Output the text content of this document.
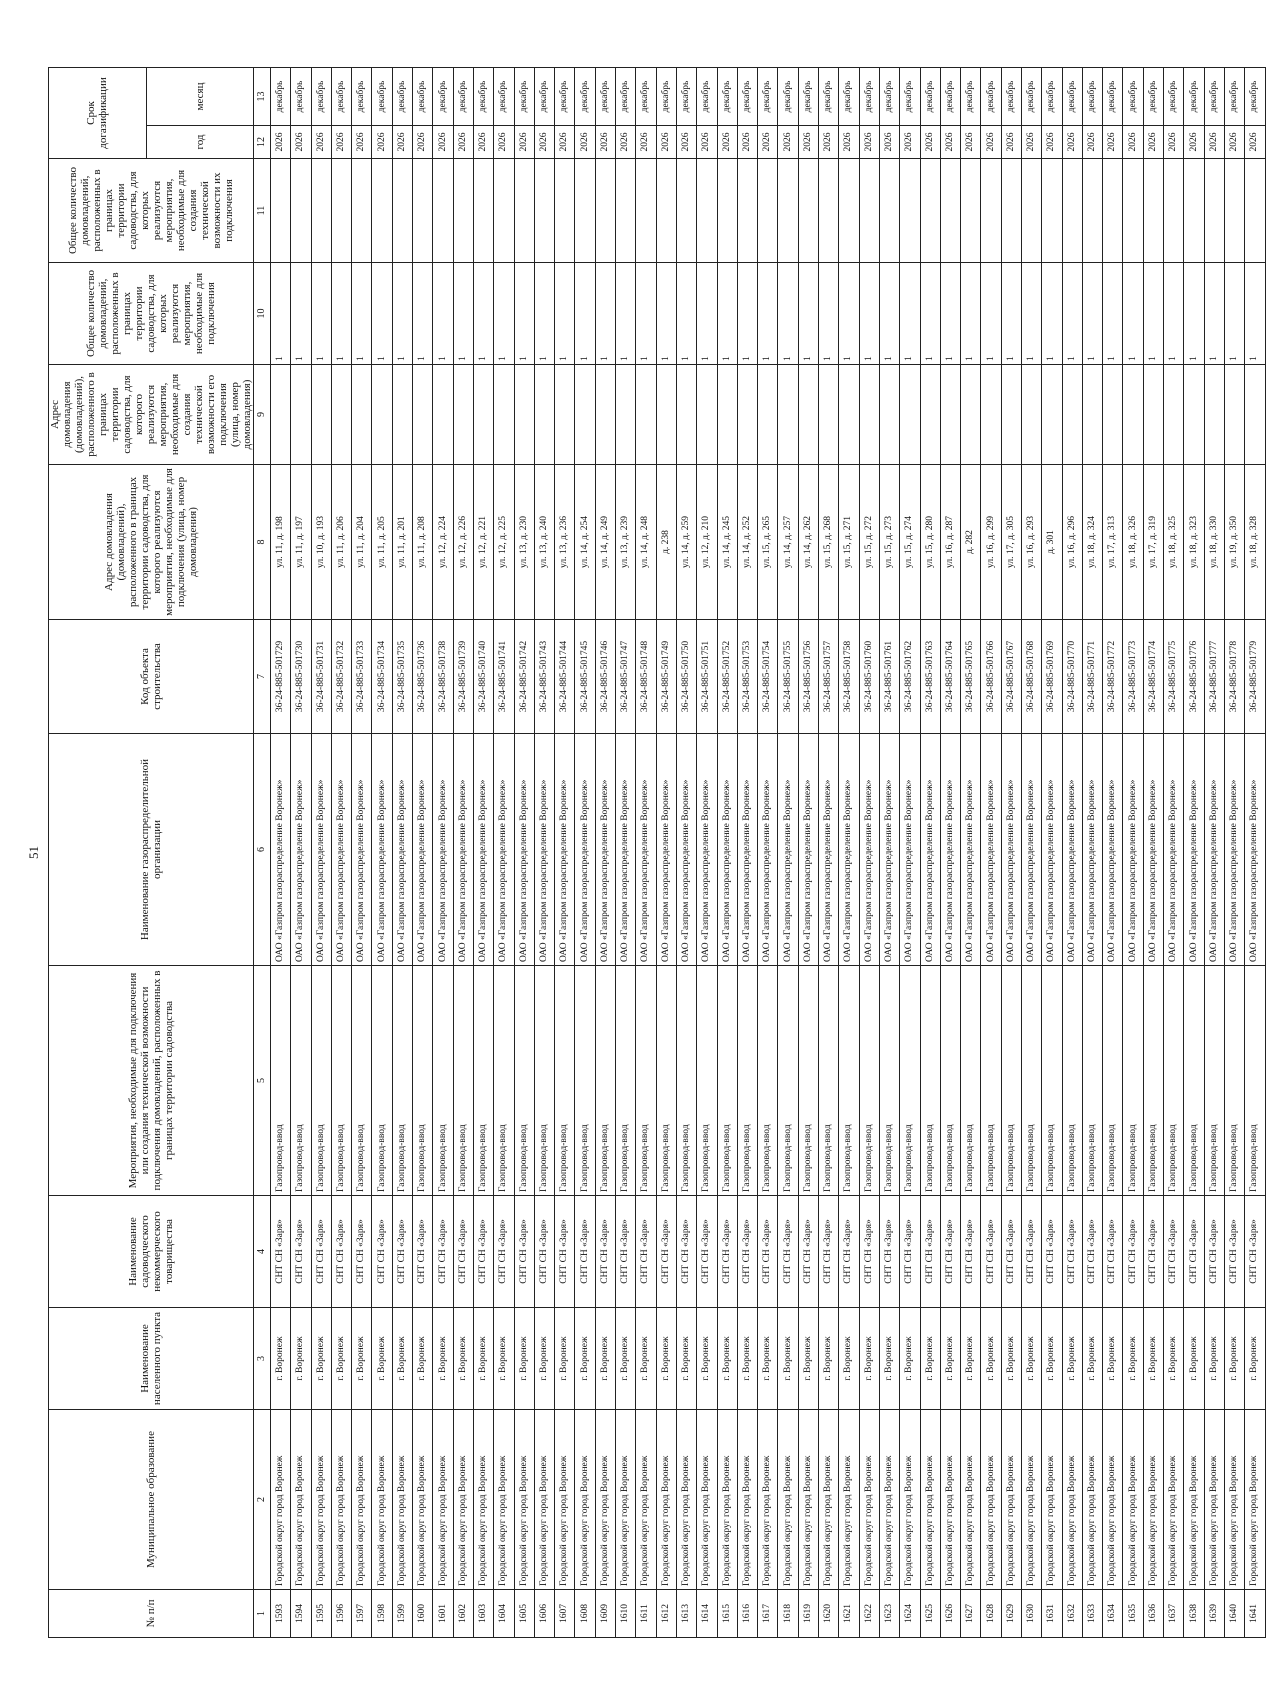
51
№ п/п	Муниципальное образование	Наименование населенного пункта	Наименование садоводческого некоммерческого товарищества	Мероприятия, необходимые для подключения или создания технической возможности подключения домовладений, расположенных в границах территории садоводства	Наименование газораспределительной организации	Код объекта строительства	Адрес домовладения (домовладений), расположенного в границах территории садоводства, для которого реализуются мероприятия, необходимые для подключения (улица, номер домовладения)	Адрес домовладения (домовладений), расположенного в границах территории садоводства, для которого реализуются мероприятия, необходимые для создания технической возможности его подключения (улица, номер домовладения)	Общее количество домовладений, расположенных в границах территории садоводства, для которых реализуются мероприятия, необходимые для подключения	Общее количество домовладений, расположенных в границах территории садоводства, для которых реализуются мероприятия, необходимые для создания технической возможности их подключения	Срок догазификации	
											год	месяц
1	2	3	4	5	6	7	8	9	10	11	12	13
1593	Городской округ город Воронеж	г. Воронеж	СНТ СН «Заря»	Газопровод-ввод	ОАО «Газпром газораспределение Воронеж»	36-24-885-501729	ул. 11, д. 198		1		2026	декабрь
1594	Городской округ город Воронеж	г. Воронеж	СНТ СН «Заря»	Газопровод-ввод	ОАО «Газпром газораспределение Воронеж»	36-24-885-501730	ул. 11, д. 197		1		2026	декабрь
1595	Городской округ город Воронеж	г. Воронеж	СНТ СН «Заря»	Газопровод-ввод	ОАО «Газпром газораспределение Воронеж»	36-24-885-501731	ул. 10, д. 193		1		2026	декабрь
1596	Городской округ город Воронеж	г. Воронеж	СНТ СН «Заря»	Газопровод-ввод	ОАО «Газпром газораспределение Воронеж»	36-24-885-501732	ул. 11, д. 206		1		2026	декабрь
1597	Городской округ город Воронеж	г. Воронеж	СНТ СН «Заря»	Газопровод-ввод	ОАО «Газпром газораспределение Воронеж»	36-24-885-501733	ул. 11, д. 204		1		2026	декабрь
1598	Городской округ город Воронеж	г. Воронеж	СНТ СН «Заря»	Газопровод-ввод	ОАО «Газпром газораспределение Воронеж»	36-24-885-501734	ул. 11, д. 205		1		2026	декабрь
1599	Городской округ город Воронеж	г. Воронеж	СНТ СН «Заря»	Газопровод-ввод	ОАО «Газпром газораспределение Воронеж»	36-24-885-501735	ул. 11, д. 201		1		2026	декабрь
1600	Городской округ город Воронеж	г. Воронеж	СНТ СН «Заря»	Газопровод-ввод	ОАО «Газпром газораспределение Воронеж»	36-24-885-501736	ул. 11, д. 208		1		2026	декабрь
1601	Городской округ город Воронеж	г. Воронеж	СНТ СН «Заря»	Газопровод-ввод	ОАО «Газпром газораспределение Воронеж»	36-24-885-501738	ул. 12, д. 224		1		2026	декабрь
1602	Городской округ город Воронеж	г. Воронеж	СНТ СН «Заря»	Газопровод-ввод	ОАО «Газпром газораспределение Воронеж»	36-24-885-501739	ул. 12, д. 226		1		2026	декабрь
1603	Городской округ город Воронеж	г. Воронеж	СНТ СН «Заря»	Газопровод-ввод	ОАО «Газпром газораспределение Воронеж»	36-24-885-501740	ул. 12, д. 221		1		2026	декабрь
1604	Городской округ город Воронеж	г. Воронеж	СНТ СН «Заря»	Газопровод-ввод	ОАО «Газпром газораспределение Воронеж»	36-24-885-501741	ул. 12, д. 225		1		2026	декабрь
1605	Городской округ город Воронеж	г. Воронеж	СНТ СН «Заря»	Газопровод-ввод	ОАО «Газпром газораспределение Воронеж»	36-24-885-501742	ул. 13, д. 230		1		2026	декабрь
1606	Городской округ город Воронеж	г. Воронеж	СНТ СН «Заря»	Газопровод-ввод	ОАО «Газпром газораспределение Воронеж»	36-24-885-501743	ул. 13, д. 240		1		2026	декабрь
1607	Городской округ город Воронеж	г. Воронеж	СНТ СН «Заря»	Газопровод-ввод	ОАО «Газпром газораспределение Воронеж»	36-24-885-501744	ул. 13, д. 236		1		2026	декабрь
1608	Городской округ город Воронеж	г. Воронеж	СНТ СН «Заря»	Газопровод-ввод	ОАО «Газпром газораспределение Воронеж»	36-24-885-501745	ул. 14, д. 254		1		2026	декабрь
1609	Городской округ город Воронеж	г. Воронеж	СНТ СН «Заря»	Газопровод-ввод	ОАО «Газпром газораспределение Воронеж»	36-24-885-501746	ул. 14, д. 249		1		2026	декабрь
1610	Городской округ город Воронеж	г. Воронеж	СНТ СН «Заря»	Газопровод-ввод	ОАО «Газпром газораспределение Воронеж»	36-24-885-501747	ул. 13, д. 239		1		2026	декабрь
1611	Городской округ город Воронеж	г. Воронеж	СНТ СН «Заря»	Газопровод-ввод	ОАО «Газпром газораспределение Воронеж»	36-24-885-501748	ул. 14, д. 248		1		2026	декабрь
1612	Городской округ город Воронеж	г. Воронеж	СНТ СН «Заря»	Газопровод-ввод	ОАО «Газпром газораспределение Воронеж»	36-24-885-501749	д. 238		1		2026	декабрь
1613	Городской округ город Воронеж	г. Воронеж	СНТ СН «Заря»	Газопровод-ввод	ОАО «Газпром газораспределение Воронеж»	36-24-885-501750	ул. 14, д. 259		1		2026	декабрь
1614	Городской округ город Воронеж	г. Воронеж	СНТ СН «Заря»	Газопровод-ввод	ОАО «Газпром газораспределение Воронеж»	36-24-885-501751	ул. 12, д. 210		1		2026	декабрь
1615	Городской округ город Воронеж	г. Воронеж	СНТ СН «Заря»	Газопровод-ввод	ОАО «Газпром газораспределение Воронеж»	36-24-885-501752	ул. 14, д. 245		1		2026	декабрь
1616	Городской округ город Воронеж	г. Воронеж	СНТ СН «Заря»	Газопровод-ввод	ОАО «Газпром газораспределение Воронеж»	36-24-885-501753	ул. 14, д. 252		1		2026	декабрь
1617	Городской округ город Воронеж	г. Воронеж	СНТ СН «Заря»	Газопровод-ввод	ОАО «Газпром газораспределение Воронеж»	36-24-885-501754	ул. 15, д. 265		1		2026	декабрь
1618	Городской округ город Воронеж	г. Воронеж	СНТ СН «Заря»	Газопровод-ввод	ОАО «Газпром газораспределение Воронеж»	36-24-885-501755	ул. 14, д. 257		1		2026	декабрь
1619	Городской округ город Воронеж	г. Воронеж	СНТ СН «Заря»	Газопровод-ввод	ОАО «Газпром газораспределение Воронеж»	36-24-885-501756	ул. 14, д. 262		1		2026	декабрь
1620	Городской округ город Воронеж	г. Воронеж	СНТ СН «Заря»	Газопровод-ввод	ОАО «Газпром газораспределение Воронеж»	36-24-885-501757	ул. 15, д. 268		1		2026	декабрь
1621	Городской округ город Воронеж	г. Воронеж	СНТ СН «Заря»	Газопровод-ввод	ОАО «Газпром газораспределение Воронеж»	36-24-885-501758	ул. 15, д. 271		1		2026	декабрь
1622	Городской округ город Воронеж	г. Воронеж	СНТ СН «Заря»	Газопровод-ввод	ОАО «Газпром газораспределение Воронеж»	36-24-885-501760	ул. 15, д. 272		1		2026	декабрь
1623	Городской округ город Воронеж	г. Воронеж	СНТ СН «Заря»	Газопровод-ввод	ОАО «Газпром газораспределение Воронеж»	36-24-885-501761	ул. 15, д. 273		1		2026	декабрь
1624	Городской округ город Воронеж	г. Воронеж	СНТ СН «Заря»	Газопровод-ввод	ОАО «Газпром газораспределение Воронеж»	36-24-885-501762	ул. 15, д. 274		1		2026	декабрь
1625	Городской округ город Воронеж	г. Воронеж	СНТ СН «Заря»	Газопровод-ввод	ОАО «Газпром газораспределение Воронеж»	36-24-885-501763	ул. 15, д. 280		1		2026	декабрь
1626	Городской округ город Воронеж	г. Воронеж	СНТ СН «Заря»	Газопровод-ввод	ОАО «Газпром газораспределение Воронеж»	36-24-885-501764	ул. 16, д. 287		1		2026	декабрь
1627	Городской округ город Воронеж	г. Воронеж	СНТ СН «Заря»	Газопровод-ввод	ОАО «Газпром газораспределение Воронеж»	36-24-885-501765	д. 282		1		2026	декабрь
1628	Городской округ город Воронеж	г. Воронеж	СНТ СН «Заря»	Газопровод-ввод	ОАО «Газпром газораспределение Воронеж»	36-24-885-501766	ул. 16, д. 299		1		2026	декабрь
1629	Городской округ город Воронеж	г. Воронеж	СНТ СН «Заря»	Газопровод-ввод	ОАО «Газпром газораспределение Воронеж»	36-24-885-501767	ул. 17, д. 305		1		2026	декабрь
1630	Городской округ город Воронеж	г. Воронеж	СНТ СН «Заря»	Газопровод-ввод	ОАО «Газпром газораспределение Воронеж»	36-24-885-501768	ул. 16, д. 293		1		2026	декабрь
1631	Городской округ город Воронеж	г. Воронеж	СНТ СН «Заря»	Газопровод-ввод	ОАО «Газпром газораспределение Воронеж»	36-24-885-501769	д. 301		1		2026	декабрь
1632	Городской округ город Воронеж	г. Воронеж	СНТ СН «Заря»	Газопровод-ввод	ОАО «Газпром газораспределение Воронеж»	36-24-885-501770	ул. 16, д. 296		1		2026	декабрь
1633	Городской округ город Воронеж	г. Воронеж	СНТ СН «Заря»	Газопровод-ввод	ОАО «Газпром газораспределение Воронеж»	36-24-885-501771	ул. 18, д. 324		1		2026	декабрь
1634	Городской округ город Воронеж	г. Воронеж	СНТ СН «Заря»	Газопровод-ввод	ОАО «Газпром газораспределение Воронеж»	36-24-885-501772	ул. 17, д. 313		1		2026	декабрь
1635	Городской округ город Воронеж	г. Воронеж	СНТ СН «Заря»	Газопровод-ввод	ОАО «Газпром газораспределение Воронеж»	36-24-885-501773	ул. 18, д. 326		1		2026	декабрь
1636	Городской округ город Воронеж	г. Воронеж	СНТ СН «Заря»	Газопровод-ввод	ОАО «Газпром газораспределение Воронеж»	36-24-885-501774	ул. 17, д. 319		1		2026	декабрь
1637	Городской округ город Воронеж	г. Воронеж	СНТ СН «Заря»	Газопровод-ввод	ОАО «Газпром газораспределение Воронеж»	36-24-885-501775	ул. 18, д. 325		1		2026	декабрь
1638	Городской округ город Воронеж	г. Воронеж	СНТ СН «Заря»	Газопровод-ввод	ОАО «Газпром газораспределение Воронеж»	36-24-885-501776	ул. 18, д. 323		1		2026	декабрь
1639	Городской округ город Воронеж	г. Воронеж	СНТ СН «Заря»	Газопровод-ввод	ОАО «Газпром газораспределение Воронеж»	36-24-885-501777	ул. 18, д. 330		1		2026	декабрь
1640	Городской округ город Воронеж	г. Воронеж	СНТ СН «Заря»	Газопровод-ввод	ОАО «Газпром газораспределение Воронеж»	36-24-885-501778	ул. 19, д. 350		1		2026	декабрь
1641	Городской округ город Воронеж	г. Воронеж	СНТ СН «Заря»	Газопровод-ввод	ОАО «Газпром газораспределение Воронеж»	36-24-885-501779	ул. 18, д. 328		1		2026	декабрь
